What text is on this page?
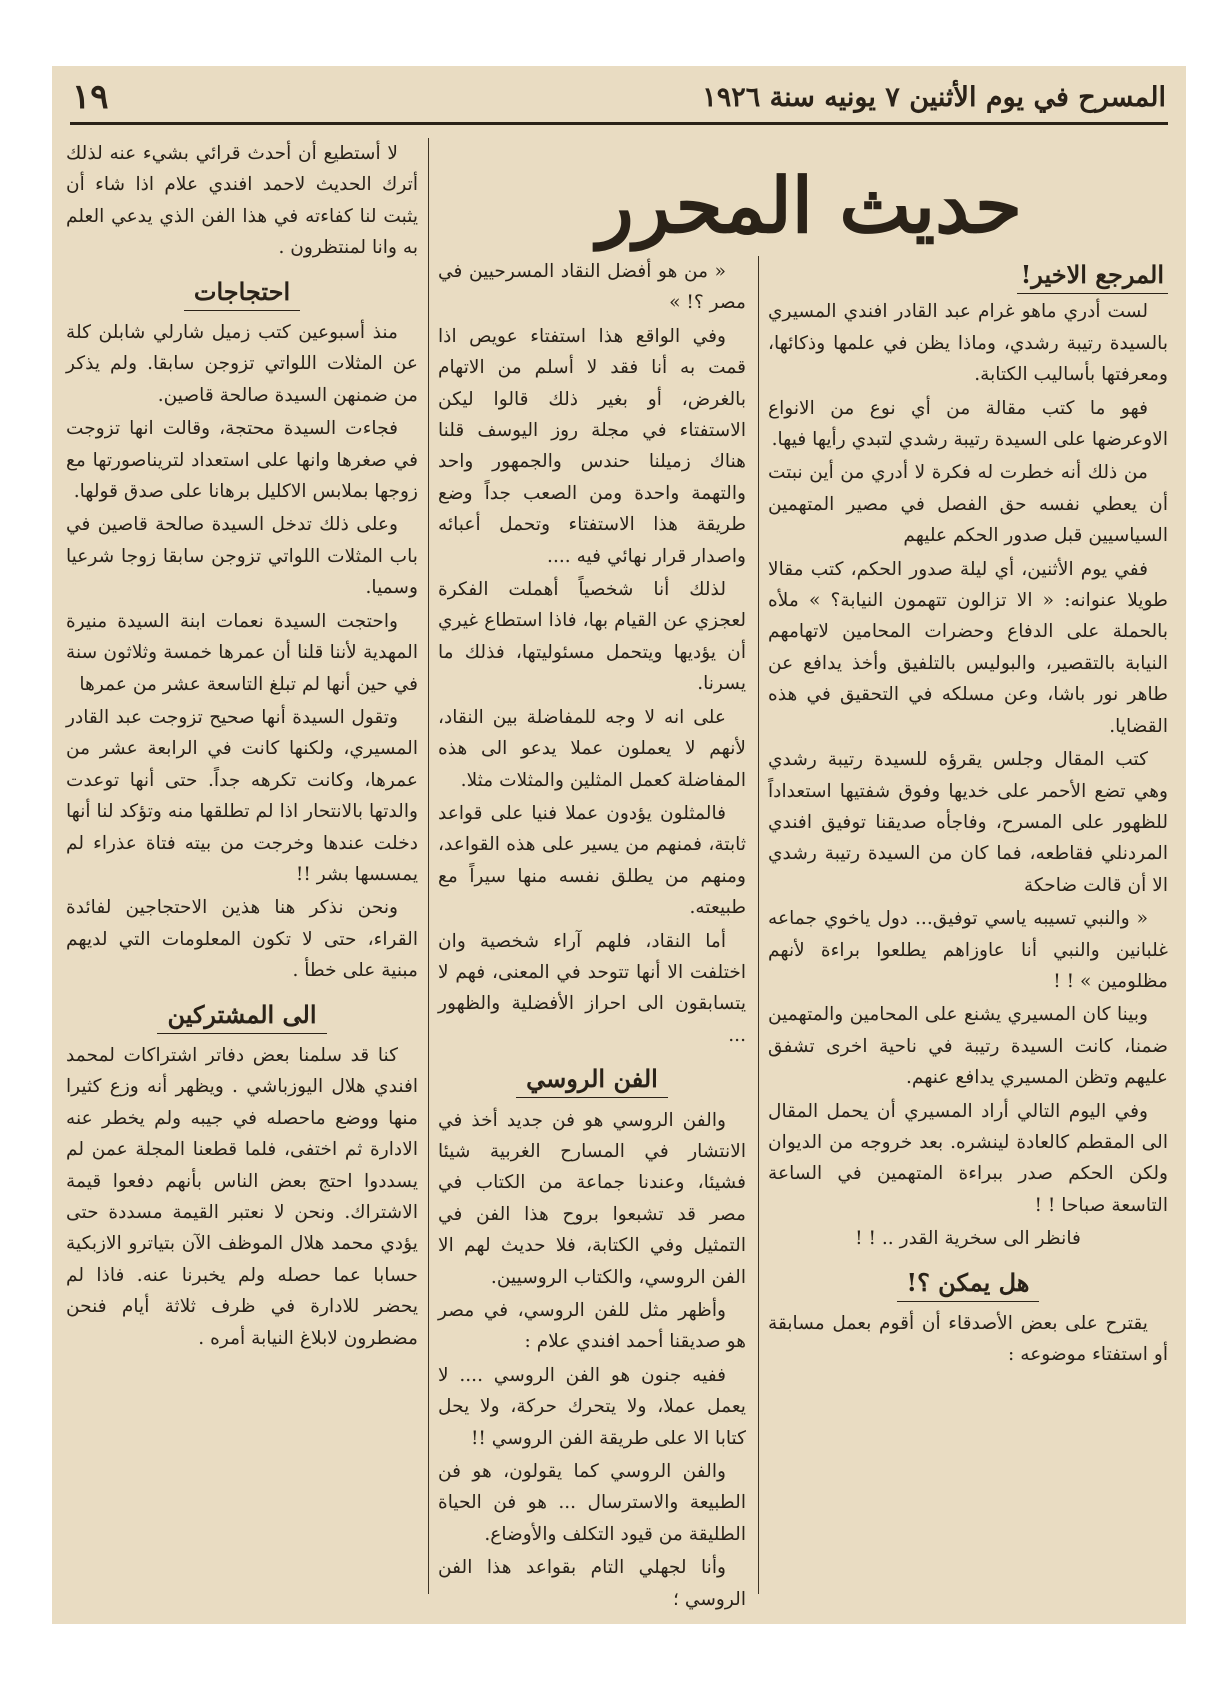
المسرح في يوم الأثنين ٧ يونيه سنة ١٩٢٦
١٩
حديث المحرر
المرجع الاخير!

لست أدري ماهو غرام عبد القادر افندي المسيري بالسيدة رتيبة رشدي، وماذا يظن في علمها وذكائها، ومعرفتها بأساليب الكتابة.

فهو ما كتب مقالة من أي نوع من الانواع الاوعرضها على السيدة رتيبة رشدي لتبدي رأيها فيها.

من ذلك أنه خطرت له فكرة لا أدري من أين نبتت أن يعطي نفسه حق الفصل في مصير المتهمين السياسيين قبل صدور الحكم عليهم

ففي يوم الأثنين، أي ليلة صدور الحكم، كتب مقالا طويلا عنوانه: « الا تزالون تتهمون النيابة؟ » ملأه بالحملة على الدفاع وحضرات المحامين لاتهامهم النيابة بالتقصير، والبوليس بالتلفيق وأخذ يدافع عن طاهر نور باشا، وعن مسلكه في التحقيق في هذه القضايا.

كتب المقال وجلس يقرؤه للسيدة رتيبة رشدي وهي تضع الأحمر على خديها وفوق شفتيها استعداداً للظهور على المسرح، وفاجأه صديقنا توفيق افندي المردنلي فقاطعه، فما كان من السيدة رتيبة رشدي الا أن قالت ضاحكة

« والنبي تسيبه ياسي توفيق... دول ياخوي جماعه غلبانين والنبي أنا عاوزاهم يطلعوا براءة لأنهم مظلومين » ! !

وبينا كان المسيري يشنع على المحامين والمتهمين ضمنا، كانت السيدة رتيبة في ناحية اخرى تشفق عليهم وتظن المسيري يدافع عنهم.

وفي اليوم التالي أراد المسيري أن يحمل المقال الى المقطم كالعادة لينشره. بعد خروجه من الديوان ولكن الحكم صدر ببراءة المتهمين في الساعة التاسعة صباحا ! !

فانظر الى سخرية القدر .. ! !

هل يمكن ؟!

يقترح على بعض الأصدقاء أن أقوم بعمل مسابقة أو استفتاء موضوعه :

« من هو أفضل النقاد المسرحيين في مصر ؟! »

وفي الواقع هذا استفتاء عويص اذا قمت به أنا فقد لا أسلم من الاتهام بالغرض، أو بغير ذلك قالوا ليكن الاستفتاء في مجلة روز اليوسف قلنا هناك زميلنا حندس والجمهور واحد والتهمة واحدة ومن الصعب جداً وضع طريقة هذا الاستفتاء وتحمل أعبائه واصدار قرار نهائي فيه ....

لذلك أنا شخصياً أهملت الفكرة لعجزي عن القيام بها، فاذا استطاع غيري أن يؤديها ويتحمل مسئوليتها، فذلك ما يسرنا.

على انه لا وجه للمفاضلة بين النقاد، لأنهم لا يعملون عملا يدعو الى هذه المفاضلة كعمل المثلين والمثلات مثلا.

فالمثلون يؤدون عملا فنيا على قواعد ثابتة، فمنهم من يسير على هذه القواعد، ومنهم من يطلق نفسه منها سيراً مع طبيعته.

أما النقاد، فلهم آراء شخصية وان اختلفت الا أنها تتوحد في المعنى، فهم لا يتسابقون الى احراز الأفضلية والظهور ...

الفن الروسي

والفن الروسي هو فن جديد أخذ في الانتشار في المسارح الغربية شيئا فشيئا، وعندنا جماعة من الكتاب في مصر قد تشبعوا بروح هذا الفن في التمثيل وفي الكتابة، فلا حديث لهم الا الفن الروسي، والكتاب الروسيين.

وأظهر مثل للفن الروسي، في مصر هو صديقنا أحمد افندي علام :

ففيه جنون هو الفن الروسي .... لا يعمل عملا، ولا يتحرك حركة، ولا يحل كتابا الا على طريقة الفن الروسي !!

والفن الروسي كما يقولون، هو فن الطبيعة والاسترسال ... هو فن الحياة الطليقة من قيود التكلف والأوضاع.

وأنا لجهلي التام بقواعد هذا الفن الروسي ؛

لا أستطيع أن أحدث قرائي بشيء عنه لذلك أترك الحديث لاحمد افندي علام اذا شاء أن يثبت لنا كفاءته في هذا الفن الذي يدعي العلم به وانا لمنتظرون .

احتجاجات

منذ أسبوعين كتب زميل شارلي شابلن كلة عن المثلات اللواتي تزوجن سابقا. ولم يذكر من ضمنهن السيدة صالحة قاصين.

فجاءت السيدة محتجة، وقالت انها تزوجت في صغرها وانها على استعداد لتريناصورتها مع زوجها بملابس الاكليل برهانا على صدق قولها.

وعلى ذلك تدخل السيدة صالحة قاصين في باب المثلات اللواتي تزوجن سابقا زوجا شرعيا وسميا.

واحتجت السيدة نعمات ابنة السيدة منيرة المهدية لأننا قلنا أن عمرها خمسة وثلاثون سنة في حين أنها لم تبلغ التاسعة عشر من عمرها

وتقول السيدة أنها صحيح تزوجت عبد القادر المسيري، ولكنها كانت في الرابعة عشر من عمرها، وكانت تكرهه جداً. حتى أنها توعدت والدتها بالانتحار اذا لم تطلقها منه وتؤكد لنا أنها دخلت عندها وخرجت من بيته فتاة عذراء لم يمسسها بشر !!

ونحن نذكر هنا هذين الاحتجاجين لفائدة القراء، حتى لا تكون المعلومات التي لديهم مبنية على خطأ .

الى المشتركين

كنا قد سلمنا بعض دفاتر اشتراكات لمحمد افندي هلال اليوزباشي . ويظهر أنه وزع كثيرا منها ووضع ماحصله في جيبه ولم يخطر عنه الادارة ثم اختفى، فلما قطعنا المجلة عمن لم يسددوا احتج بعض الناس بأنهم دفعوا قيمة الاشتراك. ونحن لا نعتبر القيمة مسددة حتى يؤدي محمد هلال الموظف الآن بتياترو الازبكية حسابا عما حصله ولم يخبرنا عنه. فاذا لم يحضر للادارة في ظرف ثلاثة أيام فنحن مضطرون لابلاغ النيابة أمره .
